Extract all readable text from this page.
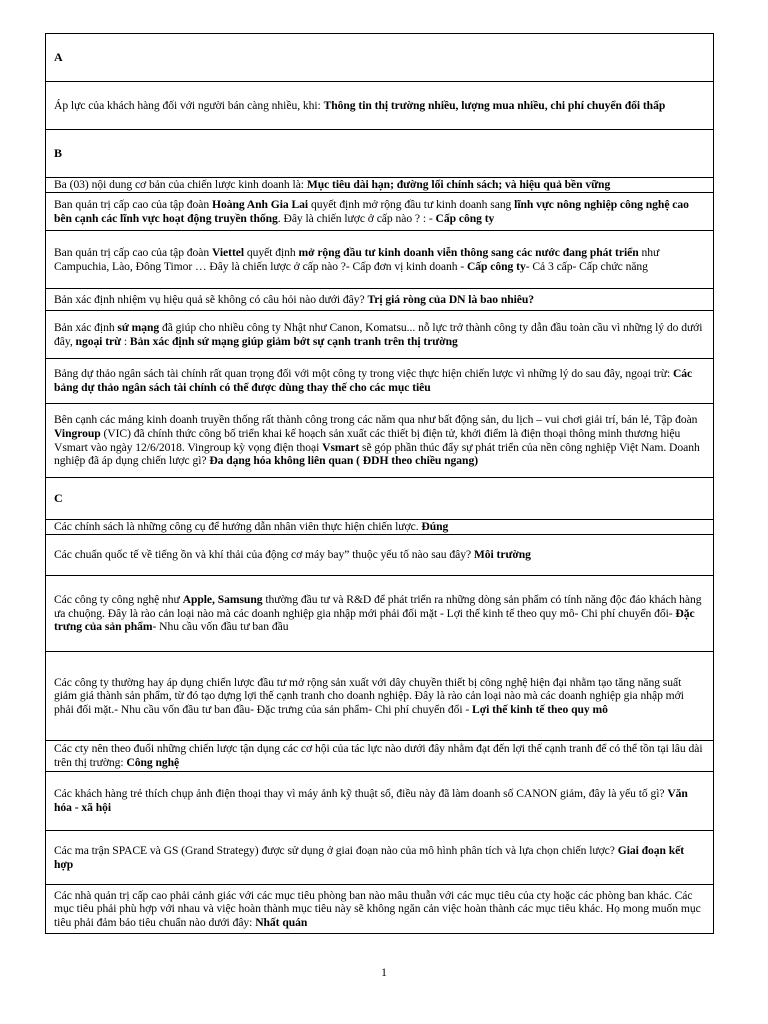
A
Áp lực của khách hàng đối với người bán càng nhiều, khi: Thông tin thị trường nhiều, lượng mua nhiều, chi phí chuyển đổi thấp
B
Ba (03) nội dung cơ bản của chiến lược kinh doanh là: Mục tiêu dài hạn; đường lối chính sách; và hiệu quả bền vững
Ban quản trị cấp cao của tập đoàn Hoàng Anh Gia Lai quyết định mở rộng đầu tư kinh doanh sang lĩnh vực nông nghiệp công nghệ cao bên cạnh các lĩnh vực hoạt động truyền thống. Đây là chiến lược ở cấp nào ? : - Cấp công ty
Ban quản trị cấp cao của tập đoàn Viettel quyết định mở rộng đầu tư kinh doanh viễn thông sang các nước đang phát triển như Campuchia, Lào, Đông Timor … Đây là chiến lược ở cấp nào ?- Cấp đơn vị kinh doanh - Cấp công ty- Cả 3 cấp- Cấp chức năng
Bản xác định nhiệm vụ hiệu quả sẽ không có câu hỏi nào dưới đây? Trị giá ròng của DN là bao nhiêu?
Bản xác định sứ mạng đã giúp cho nhiều công ty Nhật như Canon, Komatsu... nỗ lực trở thành công ty dẫn đầu toàn cầu vì những lý do dưới đây, ngoại trừ : Bản xác định sứ mạng giúp giảm bớt sự cạnh tranh trên thị trường
Bảng dự thảo ngân sách tài chính rất quan trọng đối với một công ty trong việc thực hiện chiến lược vì những lý do sau đây, ngoại trừ: Các bảng dự thảo ngân sách tài chính có thể được dùng thay thế cho các mục tiêu
Bên cạnh các mảng kinh doanh truyền thống rất thành công trong các năm qua như bất động sản, du lịch – vui chơi giải trí, bán lẻ, Tập đoàn Vingroup (VIC) đã chính thức công bố triển khai kế hoạch sản xuất các thiết bị điện tử, khởi điểm là điện thoại thông minh thương hiệu Vsmart vào ngày 12/6/2018. Vingroup kỳ vọng điện thoại Vsmart sẽ góp phần thúc đẩy sự phát triển của nền công nghiệp Việt Nam. Doanh nghiệp đã áp dụng chiến lược gì? Đa dạng hóa không liên quan ( ĐDH theo chiều ngang)
C
Các chính sách là những công cụ để hướng dẫn nhân viên thực hiện chiến lược. Đúng
Các chuẩn quốc tế về tiếng ồn và khí thải của động cơ máy bay” thuộc yếu tố nào sau đây? Môi trường
Các công ty công nghệ như Apple, Samsung thường đầu tư và R&D để phát triển ra những dòng sản phẩm có tính năng độc đáo khách hàng ưa chuộng. Đây là rào cản loại nào mà các doanh nghiệp gia nhập mới phải đối mặt - Lợi thế kinh tế theo quy mô- Chi phí chuyển đổi- Đặc trưng của sản phẩm- Nhu cầu vốn đầu tư ban đầu
Các công ty thường hay áp dụng chiến lược đầu tư mở rộng sản xuất với dây chuyền thiết bị công nghệ hiện đại nhằm tạo tăng năng suất giảm giá thành sản phẩm, từ đó tạo dựng lợi thế cạnh tranh cho doanh nghiệp. Đây là rào cản loại nào mà các doanh nghiệp gia nhập mới phải đối mặt.- Nhu cầu vốn đầu tư ban đầu- Đặc trưng của sản phẩm- Chi phí chuyển đổi - Lợi thế kinh tế theo quy mô
Các cty nên theo đuổi những chiến lược tận dụng các cơ hội của tác lực nào dưới đây nhằm đạt đến lợi thế cạnh tranh để có thể tồn tại lâu dài trên thị trường: Công nghệ
Các khách hàng trẻ thích chụp ảnh điện thoại thay vì máy ảnh kỹ thuật số, điều này đã làm doanh số CANON giảm, đây là yếu tố gì? Văn hóa - xã hội
Các ma trận SPACE và GS (Grand Strategy) được sử dụng ở giai đoạn nào của mô hình phân tích và lựa chọn chiến lược? Giai đoạn kết hợp
Các nhà quản trị cấp cao phải cảnh giác với các mục tiêu phòng ban nào mâu thuẫn với các mục tiêu của cty hoặc các phòng ban khác. Các mục tiêu phải phù hợp với nhau và việc hoàn thành mục tiêu này sẽ không ngăn cản việc hoàn thành các mục tiêu khác. Họ mong muốn mục tiêu phải đảm bảo tiêu chuẩn nào dưới đây: Nhất quán
1
